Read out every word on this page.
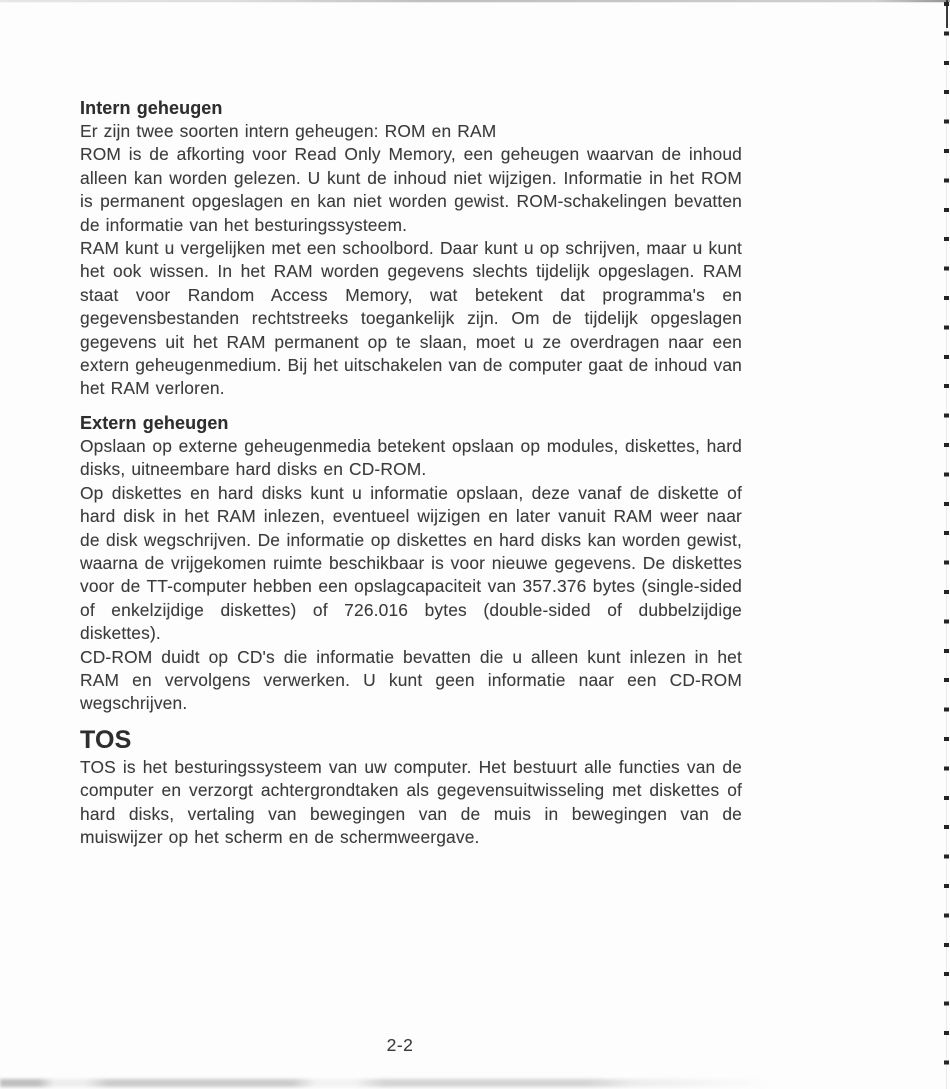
Intern geheugen

Er zijn twee soorten intern geheugen: ROM en RAM

ROM is de afkorting voor Read Only Memory, een geheugen waarvan de inhoud alleen kan worden gelezen. U kunt de inhoud niet wijzigen. Informatie in het ROM is permanent opgeslagen en kan niet worden gewist. ROM-schakelingen bevatten de informatie van het besturingssysteem.

RAM kunt u vergelijken met een schoolbord. Daar kunt u op schrijven, maar u kunt het ook wissen. In het RAM worden gegevens slechts tijdelijk opgeslagen. RAM staat voor Random Access Memory, wat betekent dat programma's en gegevensbestanden rechtstreeks toegankelijk zijn. Om de tijdelijk opgeslagen gegevens uit het RAM permanent op te slaan, moet u ze overdragen naar een extern geheugenmedium. Bij het uitschakelen van de computer gaat de inhoud van het RAM verloren.

Extern geheugen

Opslaan op externe geheugenmedia betekent opslaan op modules, diskettes, hard disks, uitneembare hard disks en CD-ROM.

Op diskettes en hard disks kunt u informatie opslaan, deze vanaf de diskette of hard disk in het RAM inlezen, eventueel wijzigen en later vanuit RAM weer naar de disk wegschrijven. De informatie op diskettes en hard disks kan worden gewist, waarna de vrijgekomen ruimte beschikbaar is voor nieuwe gegevens. De diskettes voor de TT-computer hebben een opslagcapaciteit van 357.376 bytes (single-sided of enkelzijdige diskettes) of 726.016 bytes (double-sided of dubbelzijdige diskettes).

CD-ROM duidt op CD's die informatie bevatten die u alleen kunt inlezen in het RAM en vervolgens verwerken. U kunt geen informatie naar een CD-ROM wegschrijven.

TOS

TOS is het besturingssysteem van uw computer. Het bestuurt alle functies van de computer en verzorgt achtergrondtaken als gegevensuitwisseling met diskettes of hard disks, vertaling van bewegingen van de muis in bewegingen van de muiswijzer op het scherm en de schermweergave.

2-2
